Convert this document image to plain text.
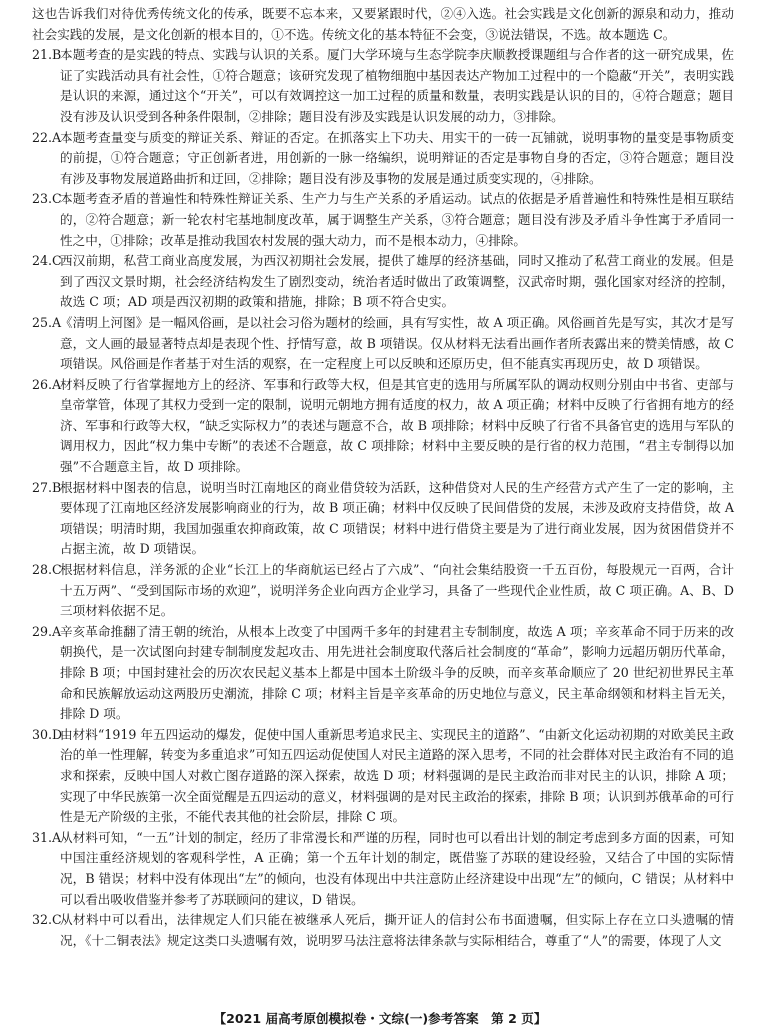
这也告诉我们对待优秀传统文化的传承，既要不忘本来，又要紧跟时代，②④入选。社会实践是文化创新的源泉和动力，推动社会实践的发展，是文化创新的根本目的，①不选。传统文化的基本特征不会变，③说法错误，不选。故本题选 C。

21.B

本题考查的是实践的特点、实践与认识的关系。厦门大学环境与生态学院李庆顺教授课题组与合作者的这一研究成果，佐证了实践活动具有社会性，①符合题意；该研究发现了植物细胞中基因表达产物加工过程中的一个隐蔽“开关”，表明实践是认识的来源，通过这个“开关”，可以有效调控这一加工过程的质量和数量，表明实践是认识的目的，④符合题意；题目没有涉及认识受到各种条件限制，②排除；题目没有涉及实践是认识发展的动力，③排除。

22.A

本题考查量变与质变的辩证关系、辩证的否定。在抓落实上下功夫、用实干的一砖一瓦铺就，说明事物的量变是事物质变的前提，①符合题意；守正创新者进，用创新的一脉一络编织，说明辩证的否定是事物自身的否定，③符合题意；题目没有涉及事物发展道路曲折和迂回，②排除；题目没有涉及事物的发展是通过质变实现的，④排除。

23.C

本题考查矛盾的普遍性和特殊性辩证关系、生产力与生产关系的矛盾运动。试点的依据是矛盾普遍性和特殊性是相互联结的，②符合题意；新一轮农村宅基地制度改革，属于调整生产关系，③符合题意；题目没有涉及矛盾斗争性寓于矛盾同一性之中，①排除；改革是推动我国农村发展的强大动力，而不是根本动力，④排除。

24.C

西汉前期，私营工商业高度发展，为西汉初期社会发展，提供了雄厚的经济基础，同时又推动了私营工商业的发展。但是到了西汉文景时期，社会经济结构发生了剧烈变动，统治者适时做出了政策调整，汉武帝时期，强化国家对经济的控制，故选 C 项；AD 项是西汉初期的政策和措施，排除；B 项不符合史实。

25.A

《清明上河图》是一幅风俗画，是以社会习俗为题材的绘画，具有写实性，故 A 项正确。风俗画首先是写实，其次才是写意，文人画的最显著特点却是表现个性、抒情写意，故 B 项错误。仅从材料无法看出画作者所表露出来的赞美情感，故 C 项错误。风俗画是作者基于对生活的观察，在一定程度上可以反映和还原历史，但不能真实再现历史，故 D 项错误。

26.A

材料反映了行省掌握地方上的经济、军事和行政等大权，但是其官吏的选用与所属军队的调动权则分别由中书省、吏部与皇帝掌管，体现了其权力受到一定的限制，说明元朝地方拥有适度的权力，故 A 项正确；材料中反映了行省拥有地方的经济、军事和行政等大权，“缺乏实际权力”的表述与题意不合，故 B 项排除；材料中反映了行省不具备官吏的选用与军队的调用权力，因此“权力集中专断”的表述不合题意，故 C 项排除；材料中主要反映的是行省的权力范围，“君主专制得以加强”不合题意主旨，故 D 项排除。

27.B

根据材料中图表的信息，说明当时江南地区的商业借贷较为活跃，这种借贷对人民的生产经营方式产生了一定的影响，主要体现了江南地区经济发展影响商业的行为，故 B 项正确；材料中仅反映了民间借贷的发展，未涉及政府支持借贷，故 A 项错误；明清时期，我国加强重农抑商政策，故 C 项错误；材料中进行借贷主要是为了进行商业发展，因为贫困借贷并不占据主流，故 D 项错误。

28.C

根据材料信息，洋务派的企业“长江上的华商航运已经占了六成”、“向社会集结股资一千五百份，每股规元一百两，合计十五万两”、“受到国际市场的欢迎”，说明洋务企业向西方企业学习，具备了一些现代企业性质，故 C 项正确。A、B、D 三项材料依据不足。

29.A

辛亥革命推翻了清王朝的统治，从根本上改变了中国两千多年的封建君主专制制度，故选 A 项；辛亥革命不同于历来的改朝换代，是一次试图向封建专制制度发起攻击、用先进社会制度取代落后社会制度的“革命”，影响力远超历朝历代革命，排除 B 项；中国封建社会的历次农民起义基本上都是中国本土阶级斗争的反映，而辛亥革命顺应了 20 世纪初世界民主革命和民族解放运动这两股历史潮流，排除 C 项；材料主旨是辛亥革命的历史地位与意义，民主革命纲领和材料主旨无关，排除 D 项。

30.D

由材料“1919 年五四运动的爆发，促使中国人重新思考追求民主、实现民主的道路”、“由新文化运动初期的对欧美民主政治的单一性理解，转变为多重追求”可知五四运动促使国人对民主道路的深入思考，不同的社会群体对民主政治有不同的追求和探索，反映中国人对救亡图存道路的深入探索，故选 D 项；材料强调的是民主政治而非对民主的认识，排除 A 项；实现了中华民族第一次全面觉醒是五四运动的意义，材料强调的是对民主政治的探索，排除 B 项；认识到苏俄革命的可行性是无产阶级的主张，不能代表其他的社会阶层，排除 C 项。

31.A

从材料可知，“一五”计划的制定，经历了非常漫长和严谨的历程，同时也可以看出计划的制定考虑到多方面的因素，可知中国注重经济规划的客观科学性，A 正确；第一个五年计划的制定，既借鉴了苏联的建设经验，又结合了中国的实际情况，B 错误；材料中没有体现出“左”的倾向，也没有体现出中共注意防止经济建设中出现“左”的倾向，C 错误；从材料中可以看出吸收借鉴并参考了苏联顾问的建议，D 错误。

32.C

从材料中可以看出，法律规定人们只能在被继承人死后，撕开证人的信封公布书面遗嘱，但实际上存在立口头遗嘱的情况，《十二铜表法》规定这类口头遗嘱有效，说明罗马法注意将法律条款与实际相结合，尊重了“人”的需要，体现了人文

【2021 届高考原创模拟卷・文综(一)参考答案　第 2 页】
